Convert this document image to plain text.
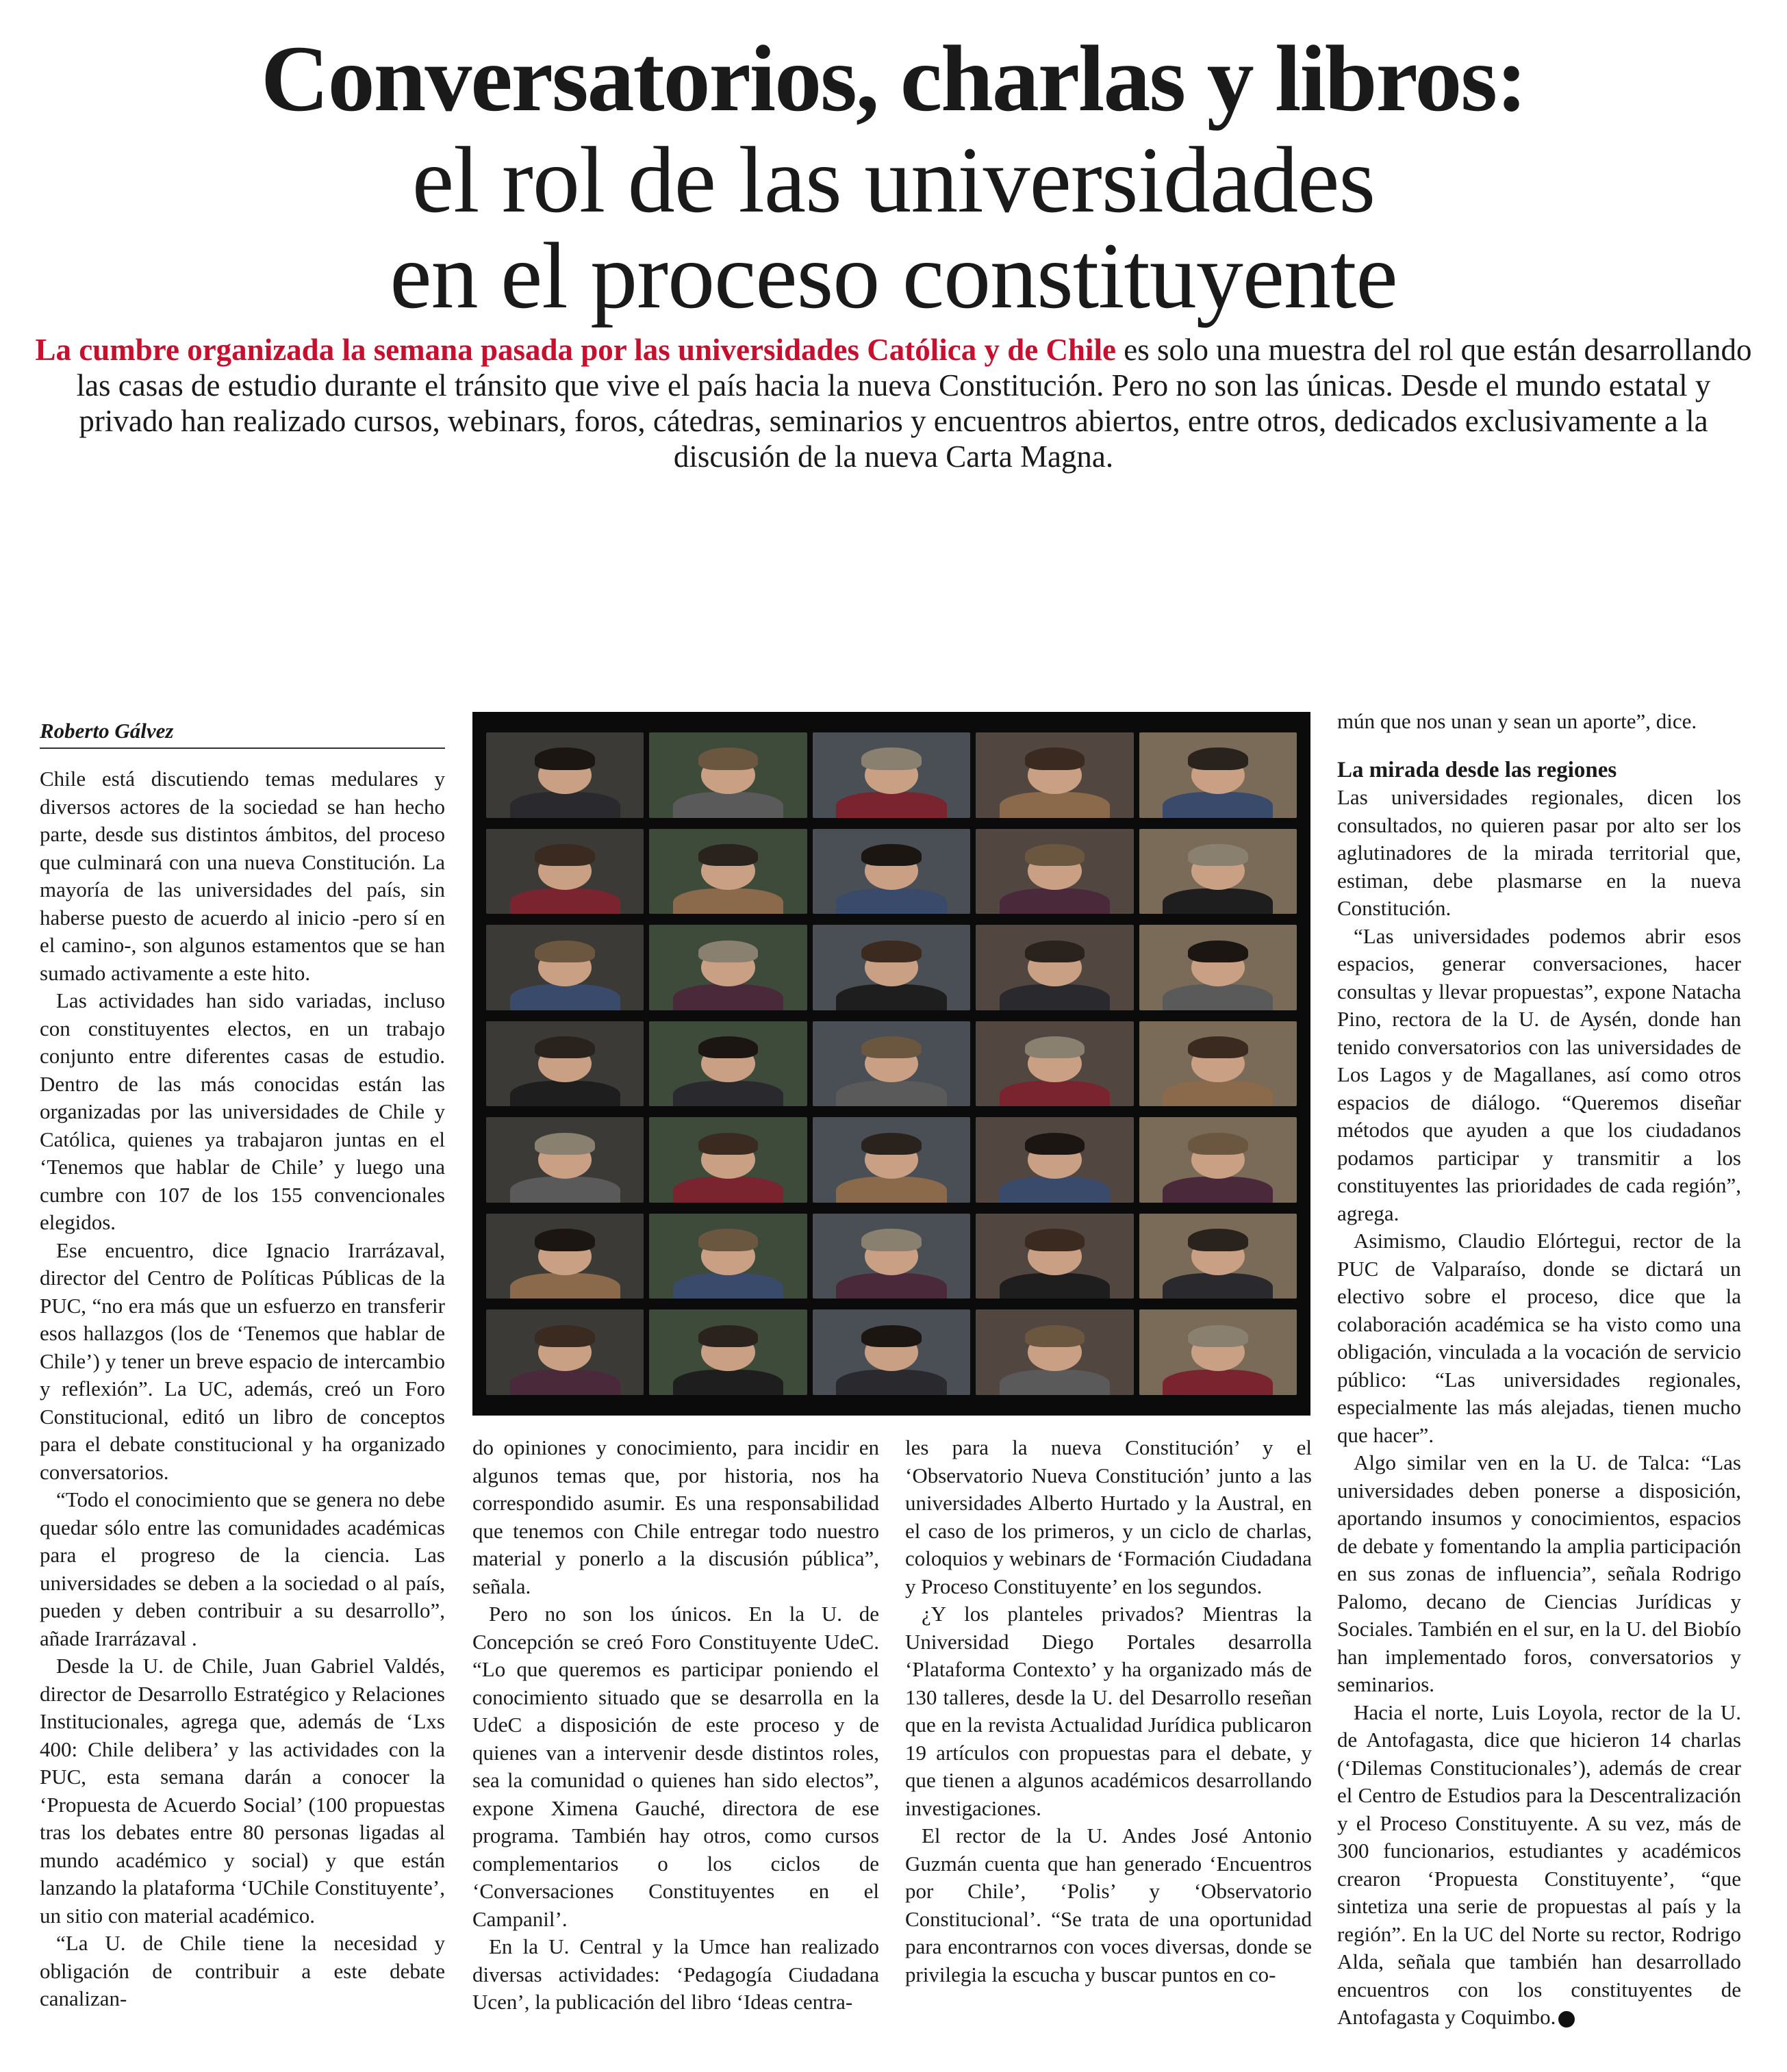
Conversatorios, charlas y libros:
el rol de las universidades
en el proceso constituyente
La cumbre organizada la semana pasada por las universidades Católica y de Chile es solo una muestra del rol que están desarrollando las casas de estudio durante el tránsito que vive el país hacia la nueva Constitución. Pero no son las únicas. Desde el mundo estatal y privado han realizado cursos, webinars, foros, cátedras, seminarios y encuentros abiertos, entre otros, dedicados exclusivamente a la discusión de la nueva Carta Magna.
Roberto Gálvez

Chile está discutiendo temas medulares y diversos actores de la sociedad se han hecho parte, desde sus distintos ámbitos, del proceso que culminará con una nueva Constitución. La mayoría de las universidades del país, sin haberse puesto de acuerdo al inicio -pero sí en el camino-, son algunos estamentos que se han sumado activamente a este hito.

Las actividades han sido variadas, incluso con constituyentes electos, en un trabajo conjunto entre diferentes casas de estudio. Dentro de las más conocidas están las organizadas por las universidades de Chile y Católica, quienes ya trabajaron juntas en el ‘Tenemos que hablar de Chile’ y luego una cumbre con 107 de los 155 convencionales elegidos.

Ese encuentro, dice Ignacio Irarrázaval, director del Centro de Políticas Públicas de la PUC, “no era más que un esfuerzo en transferir esos hallazgos (los de ‘Tenemos que hablar de Chile’) y tener un breve espacio de intercambio y reflexión”. La UC, además, creó un Foro Constitucional, editó un libro de conceptos para el debate constitucional y ha organizado conversatorios.

“Todo el conocimiento que se genera no debe quedar sólo entre las comunidades académicas para el progreso de la ciencia. Las universidades se deben a la sociedad o al país, pueden y deben contribuir a su desarrollo”, añade Irarrázaval .

Desde la U. de Chile, Juan Gabriel Valdés, director de Desarrollo Estratégico y Relaciones Institucionales, agrega que, además de ‘Lxs 400: Chile delibera’ y las actividades con la PUC, esta semana darán a conocer la ‘Propuesta de Acuerdo Social’ (100 propuestas tras los debates entre 80 personas ligadas al mundo académico y social) y que están lanzando la plataforma ‘UChile Constituyente’, un sitio con material académico.

“La U. de Chile tiene la necesidad y obligación de contribuir a este debate canalizan-

do opiniones y conocimiento, para incidir en algunos temas que, por historia, nos ha correspondido asumir. Es una responsabilidad que tenemos con Chile entregar todo nuestro material y ponerlo a la discusión pública”, señala.

Pero no son los únicos. En la U. de Concepción se creó Foro Constituyente UdeC. “Lo que queremos es participar poniendo el conocimiento situado que se desarrolla en la UdeC a disposición de este proceso y de quienes van a intervenir desde distintos roles, sea la comunidad o quienes han sido electos”, expone Ximena Gauché, directora de ese programa. También hay otros, como cursos complementarios o los ciclos de ‘Conversaciones Constituyentes en el Campanil’.

En la U. Central y la Umce han realizado diversas actividades: ‘Pedagogía Ciudadana Ucen’, la publicación del libro ‘Ideas centra-

les para la nueva Constitución’ y el ‘Observatorio Nueva Constitución’ junto a las universidades Alberto Hurtado y la Austral, en el caso de los primeros, y un ciclo de charlas, coloquios y webinars de ‘Formación Ciudadana y Proceso Constituyente’ en los segundos.

¿Y los planteles privados? Mientras la Universidad Diego Portales desarrolla ‘Plataforma Contexto’ y ha organizado más de 130 talleres, desde la U. del Desarrollo reseñan que en la revista Actualidad Jurídica publicaron 19 artículos con propuestas para el debate, y que tienen a algunos académicos desarrollando investigaciones.

El rector de la U. Andes José Antonio Guzmán cuenta que han generado ‘Encuentros por Chile’, ‘Polis’ y ‘Observatorio Constitucional’. “Se trata de una oportunidad para encontrarnos con voces diversas, donde se privilegia la escucha y buscar puntos en co-

mún que nos unan y sean un aporte”, dice.

La mirada desde las regiones

Las universidades regionales, dicen los consultados, no quieren pasar por alto ser los aglutinadores de la mirada territorial que, estiman, debe plasmarse en la nueva Constitución.

“Las universidades podemos abrir esos espacios, generar conversaciones, hacer consultas y llevar propuestas”, expone Natacha Pino, rectora de la U. de Aysén, donde han tenido conversatorios con las universidades de Los Lagos y de Magallanes, así como otros espacios de diálogo. “Queremos diseñar métodos que ayuden a que los ciudadanos podamos participar y transmitir a los constituyentes las prioridades de cada región”, agrega.

Asimismo, Claudio Elórtegui, rector de la PUC de Valparaíso, donde se dictará un electivo sobre el proceso, dice que la colaboración académica se ha visto como una obligación, vinculada a la vocación de servicio público: “Las universidades regionales, especialmente las más alejadas, tienen mucho que hacer”.

Algo similar ven en la U. de Talca: “Las universidades deben ponerse a disposición, aportando insumos y conocimientos, espacios de debate y fomentando la amplia participación en sus zonas de influencia”, señala Rodrigo Palomo, decano de Ciencias Jurídicas y Sociales. También en el sur, en la U. del Biobío han implementado foros, conversatorios y seminarios.

Hacia el norte, Luis Loyola, rector de la U. de Antofagasta, dice que hicieron 14 charlas (‘Dilemas Constitucionales’), además de crear el Centro de Estudios para la Descentralización y el Proceso Constituyente. A su vez, más de 300 funcionarios, estudiantes y académicos crearon ‘Propuesta Constituyente’, “que sintetiza una serie de propuestas al país y la región”. En la UC del Norte su rector, Rodrigo Alda, señala que también han desarrollado encuentros con los constituyentes de Antofagasta y Coquimbo.
